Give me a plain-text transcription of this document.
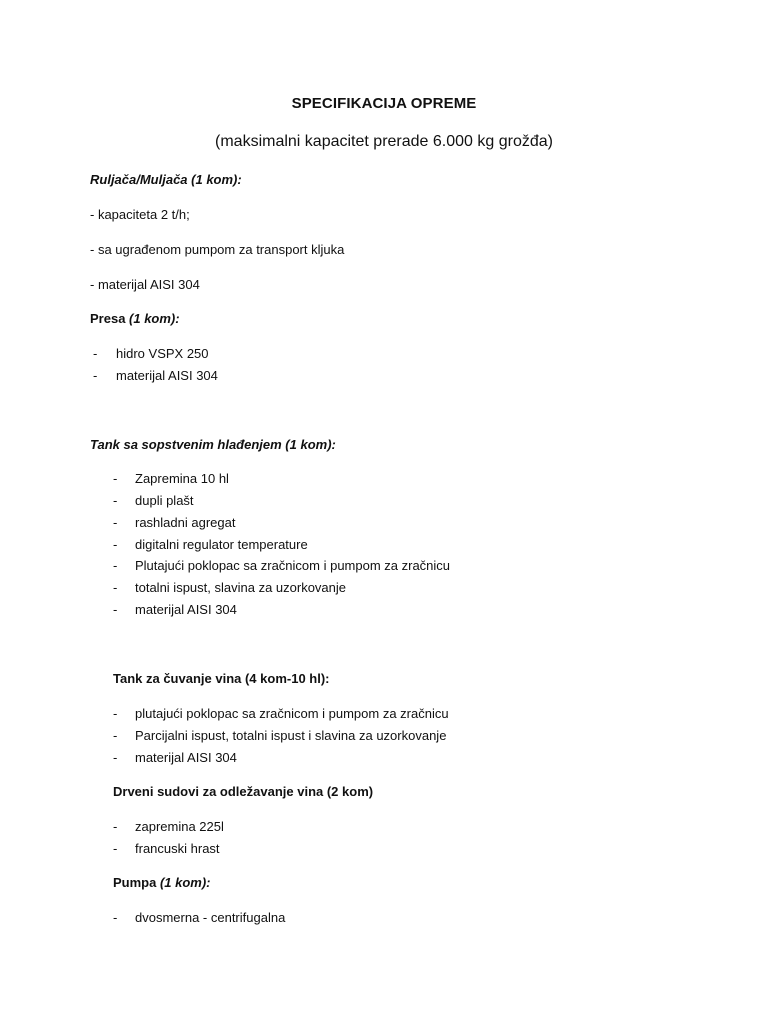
SPECIFIKACIJA OPREME
(maksimalni kapacitet prerade 6.000 kg grožđa)
Ruljača/Muljača (1 kom):
- kapaciteta 2 t/h;
- sa ugrađenom pumpom za transport kljuka
- materijal AISI 304
Presa (1 kom):
- hidro VSPX 250
- materijal AISI 304
Tank sa sopstvenim hlađenjem (1 kom):
- Zapremina 10 hl
- dupli plašt
- rashladni agregat
- digitalni regulator temperature
- Plutajući poklopac sa zračnicom i pumpom za zračnicu
- totalni ispust, slavina za uzorkovanje
- materijal AISI 304
Tank za čuvanje vina (4 kom-10 hl):
- plutajući poklopac sa zračnicom i pumpom za zračnicu
- Parcijalni ispust, totalni ispust i slavina za uzorkovanje
- materijal AISI 304
Drveni sudovi za odležavanje vina (2 kom)
- zapremina 225l
- francuski hrast
Pumpa (1 kom):
- dvosmerna - centrifugalna
